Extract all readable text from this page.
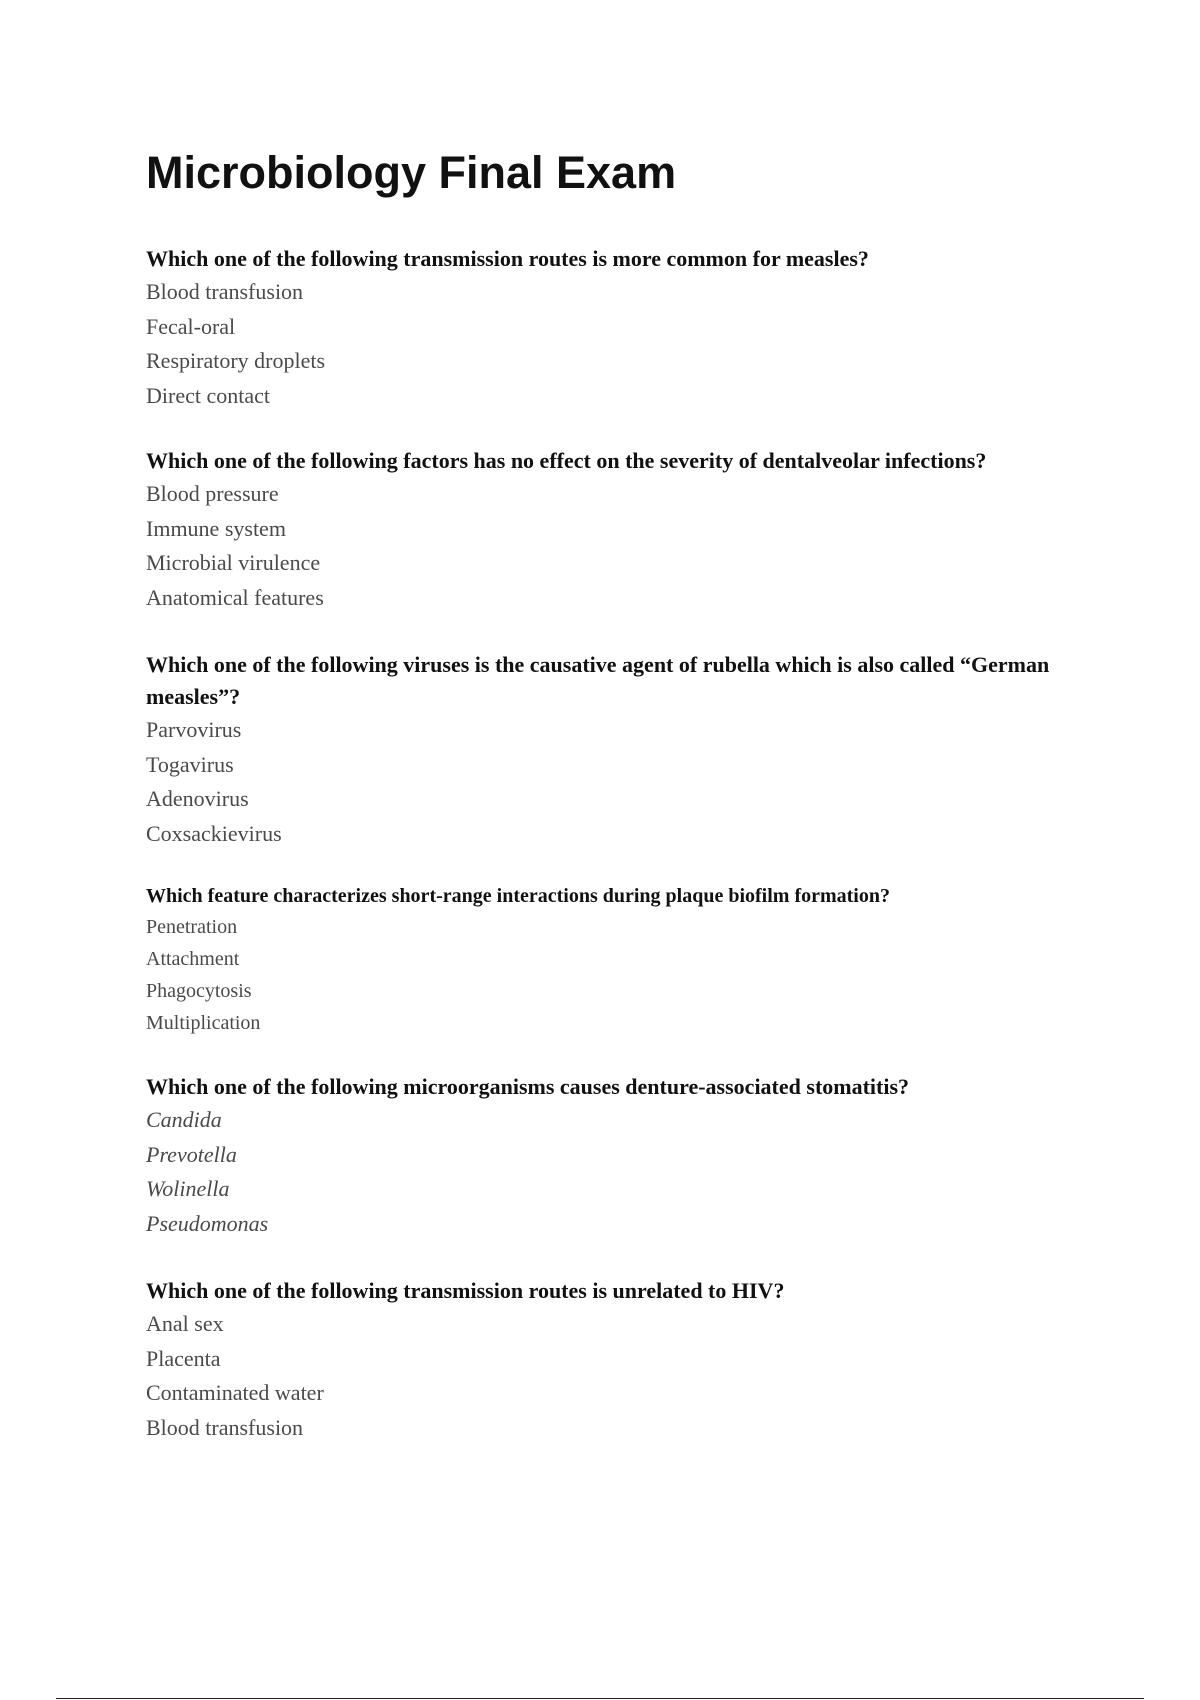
Microbiology Final Exam

Which one of the following transmission routes is more common for measles?

Blood transfusion
Fecal-oral
Respiratory droplets
Direct contact

Which one of the following factors has no effect on the severity of dentalveolar infections?

Blood pressure
Immune system
Microbial virulence
Anatomical features

Which one of the following viruses is the causative agent of rubella which is also called “German measles”?

Parvovirus
Togavirus
Adenovirus
Coxsackievirus

Which feature characterizes short-range interactions during plaque biofilm formation?

Penetration
Attachment
Phagocytosis
Multiplication

Which one of the following microorganisms causes denture-associated stomatitis?

Candida
Prevotella
Wolinella
Pseudomonas

Which one of the following transmission routes is unrelated to HIV?

Anal sex
Placenta
Contaminated water
Blood transfusion
